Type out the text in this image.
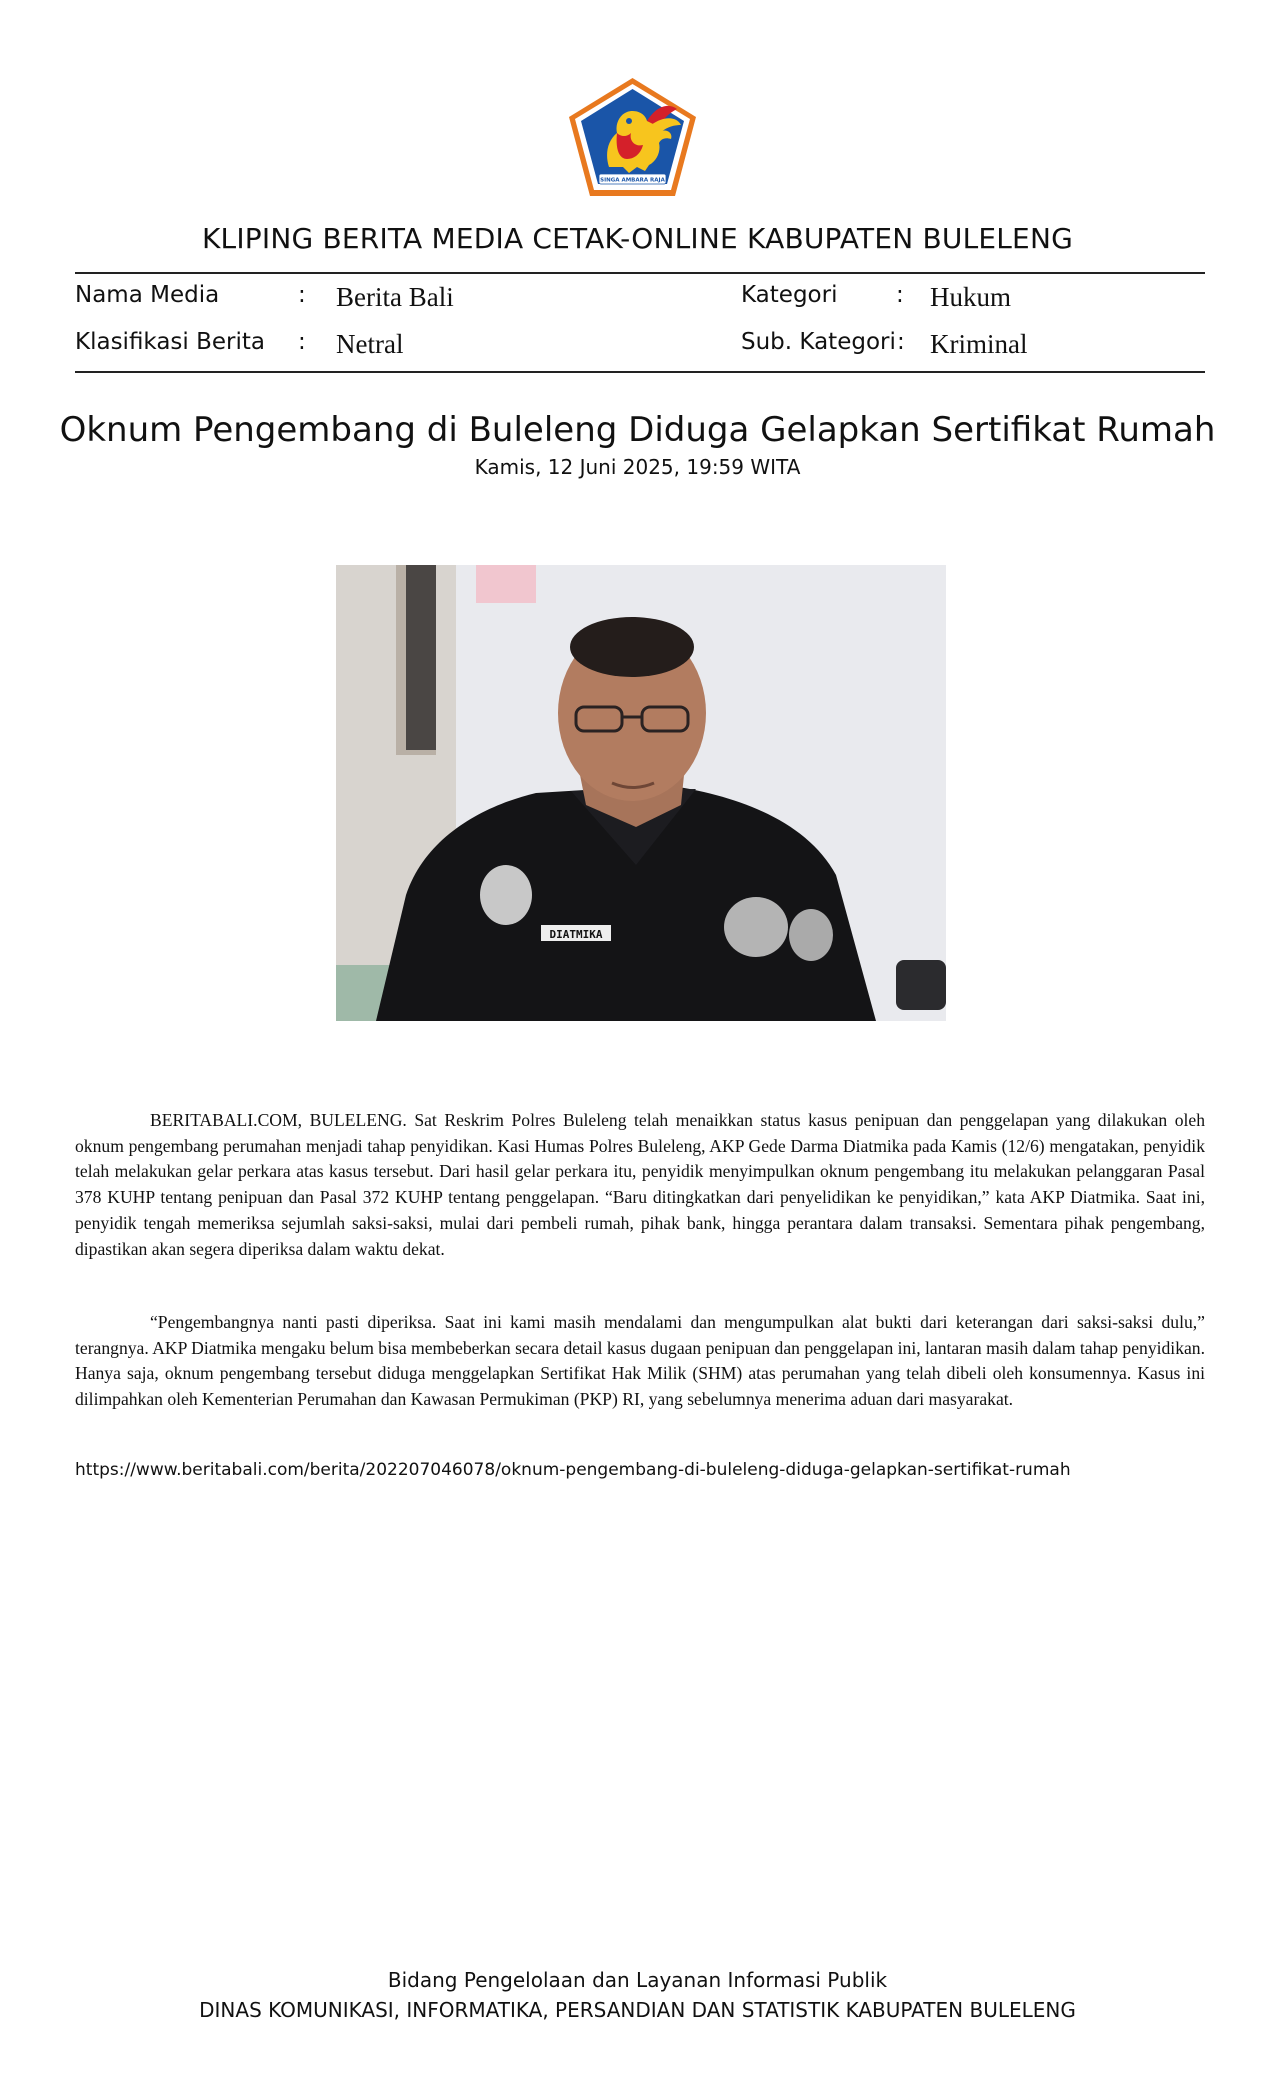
SINGA AMBARA RAJA
KLIPING BERITA MEDIA CETAK-ONLINE KABUPATEN BULELENG
Nama Media	: Berita Bali
Klasifikasi Berita : Netral
Kategori	: Hukum
Sub. Kategori : Kriminal
Oknum Pengembang di Buleleng Diduga Gelapkan Sertifikat Rumah
Kamis, 12 Juni 2025, 19:59 WITA
DIATMIKA

BERITABALI.COM, BULELENG. Sat Reskrim Polres Buleleng telah menaikkan status kasus penipuan dan penggelapan yang dilakukan oleh oknum pengembang perumahan menjadi tahap penyidikan. Kasi Humas Polres Buleleng, AKP Gede Darma Diatmika pada Kamis (12/6) mengatakan, penyidik telah melakukan gelar perkara atas kasus tersebut. Dari hasil gelar perkara itu, penyidik menyimpulkan oknum pengembang itu melakukan pelanggaran Pasal 378 KUHP tentang penipuan dan Pasal 372 KUHP tentang penggelapan. “Baru ditingkatkan dari penyelidikan ke penyidikan,” kata AKP Diatmika. Saat ini, penyidik tengah memeriksa sejumlah saksi-saksi, mulai dari pembeli rumah, pihak bank, hingga perantara dalam transaksi. Sementara pihak pengembang, dipastikan akan segera diperiksa dalam waktu dekat.

“Pengembangnya nanti pasti diperiksa. Saat ini kami masih mendalami dan mengumpulkan alat bukti dari keterangan dari saksi-saksi dulu,” terangnya. AKP Diatmika mengaku belum bisa membeberkan secara detail kasus dugaan penipuan dan penggelapan ini, lantaran masih dalam tahap penyidikan. Hanya saja, oknum pengembang tersebut diduga menggelapkan Sertifikat Hak Milik (SHM) atas perumahan yang telah dibeli oleh konsumennya. Kasus ini dilimpahkan oleh Kementerian Perumahan dan Kawasan Permukiman (PKP) RI, yang sebelumnya menerima aduan dari masyarakat.

https://www.beritabali.com/berita/202207046078/oknum-pengembang-di-buleleng-diduga-gelapkan-sertifikat-rumah
Bidang Pengelolaan dan Layanan Informasi Publik
DINAS KOMUNIKASI, INFORMATIKA, PERSANDIAN DAN STATISTIK KABUPATEN BULELENG
